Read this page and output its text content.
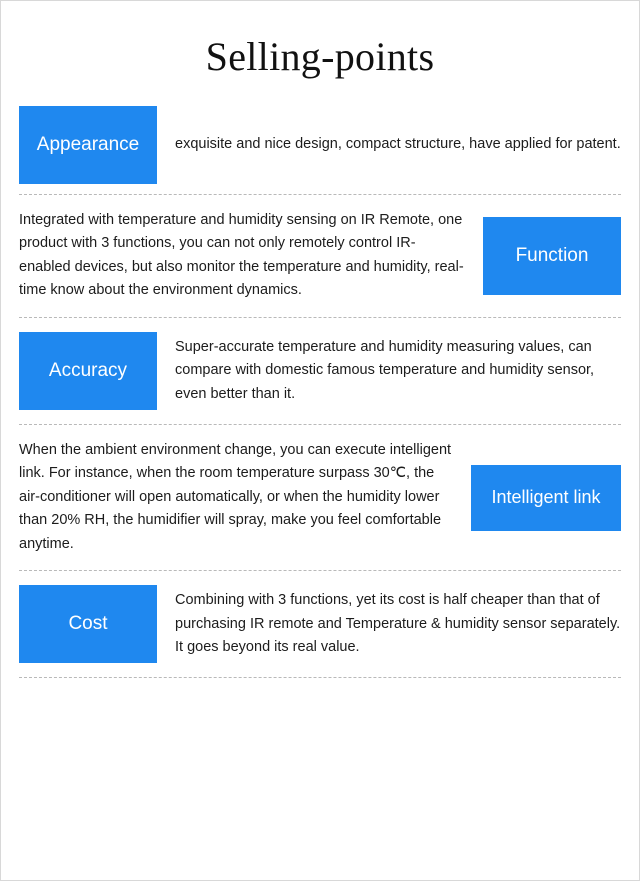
Selling-points
Appearance	exquisite and nice design, compact structure, have applied for patent.
Integrated with temperature and humidity sensing on IR Remote, one product with 3 functions, you can not only remotely control IR-enabled devices, but also monitor the temperature and humidity, real-time know about the environment dynamics.
Function
Accuracy
Super-accurate temperature and humidity measuring values, can compare with domestic famous temperature and humidity sensor, even better than it.
When the ambient environment change, you can execute intelligent link. For instance, when the room temperature surpass 30℃, the air-conditioner will open automatically, or when the humidity lower than 20% RH, the humidifier will spray, make you feel comfortable anytime.
Intelligent link
Cost
Combining with 3 functions, yet its cost is half cheaper than that of purchasing IR remote and Temperature & humidity sensor separately. It goes beyond its real value.
